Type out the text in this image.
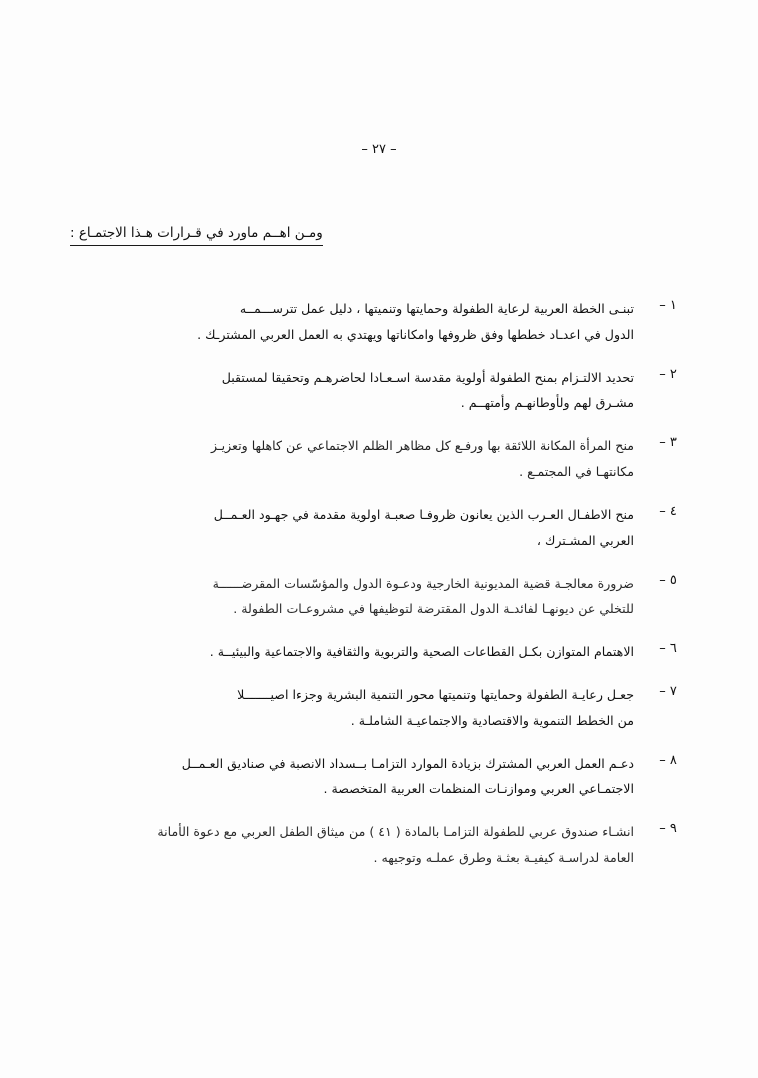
– ٢٧ –
ومـن اهــم ماورد في قـرارات هـذا الاجتمـاع :
١ –
تبنـى الخطة العربية لرعاية الطفولة وحمايتها وتنميتها ، دليل عمل تترســـمــه
الدول في اعدـاد خططها وفق ظروفها وامكاناتها ويهتدي به العمل العربي المشترـك .
٢ –
تحديد الالتـزام بمنح الطفولة أولوية مقدسة اسـعـادا لحاضرهـم وتحقيقا لمستقبل
مشـرق لهم ولأوطانهـم وأمتهــم .
٣ –
منح المرأة المكانة اللائقة بها ورفـع كل مظاهر الظلم الاجتماعي عن كاهلها وتعزيـز
مكانتهـا في المجتمـع .
٤ –
منح الاطفـال العـرب الذين يعانون ظروفـا صعبـة اولوية مقدمة في جهـود العـمــل
العربي المشـترك ،
٥ –
ضرورة معالجـة قضية المديونية الخارجية ودعـوة الدول والمؤسّسات المقرضــــــة
للتخلي عن ديونهـا لفائدـة الدول المقترضة لتوظيفها في مشروعـات الطفولة .
٦ –
الاهتمام المتوازن بكـل القطاعات الصحية والتربوية والثقافية والاجتماعية والبيئيــة .
٧ –
جعـل رعايـة الطفولة وحمايتها وتنميتها محور التنمية البشرية وجزءا اصيـــــــلا
من الخطط التنموية والاقتصادية والاجتماعيـة الشاملـة .
٨ –
دعـم العمل العربي المشترك بزيادة الموارد التزامـا بــسداد الانصبة في صناديق العـمــل
الاجتمـاعي العربي وموازنـات المنظمات العربية المتخصصة .
٩ –
انشـاء صندوق عربي للطفولة التزامـا بالمادة ( ٤١ ) من ميثاق الطفل العربي مع دعوة الأمانة
العامة لدراسـة كيفيـة بعثـة وطرق عملـه وتوجيهه .
